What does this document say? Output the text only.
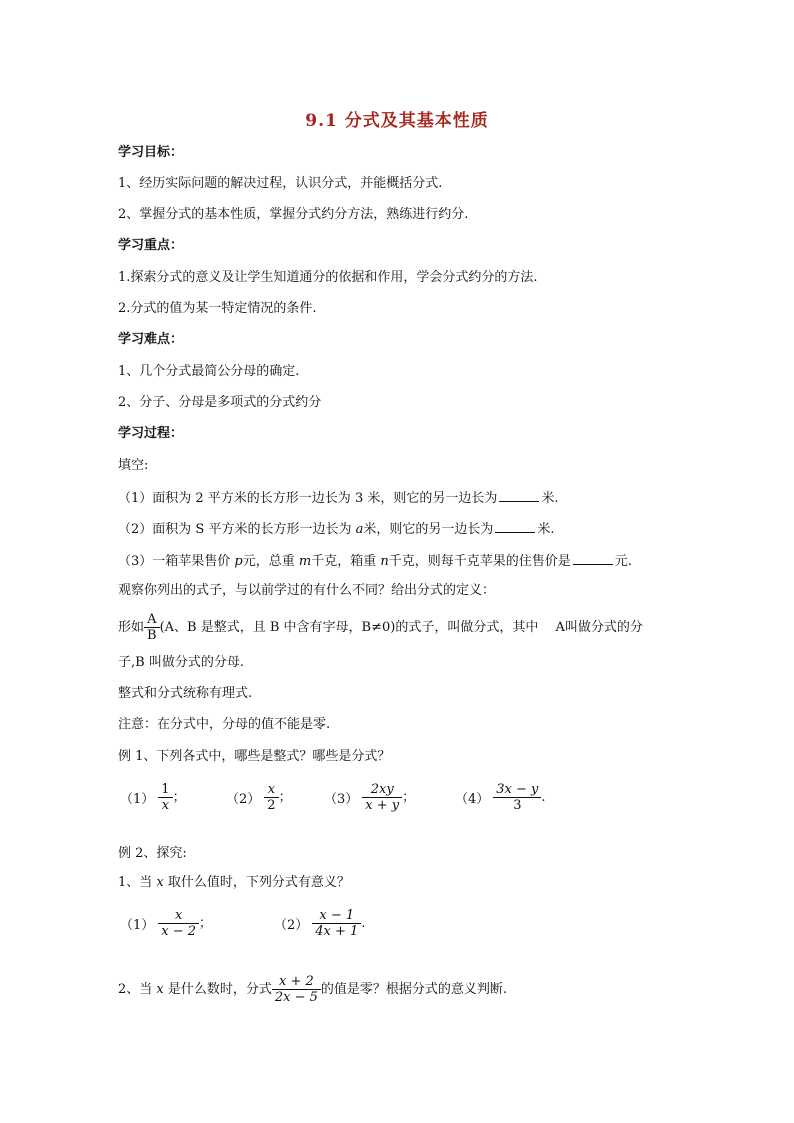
9.1 分式及其基本性质
学习目标：
1、经历实际问题的解决过程，认识分式，并能概括分式.
2、掌握分式的基本性质，掌握分式约分方法，熟练进行约分.
学习重点：
1.探索分式的意义及让学生知道通分的依据和作用，学会分式约分的方法.
2.分式的值为某一特定情况的条件.
学习难点：
1、几个分式最简公分母的确定.
2、分子、分母是多项式的分式约分
学习过程：
填空:
（1）面积为 2 平方米的长方形一边长为 3 米，则它的另一边长为	米.
（2）面积为 S 平方米的长方形一边长为 a米，则它的另一边长为	米.
（3）一箱苹果售价 p元，总重 m千克，箱重 n千克，则每千克苹果的住售价是	元.
观察你列出的式子，与以前学过的有什么不同？给出分式的定义：
形如 $\frac{A}{B} (A$、B 是整式，且 B 中含有字母，B≠0)的式子，叫做分式，其中 　A叫做分式的分
子,B 叫做分式的分母.
整式和分式统称有理式.
注意：在分式中，分母的值不能是零.
例 1、下列各式中，哪些是整式？哪些是分式？
$(1) \frac{1}{x}$ ；	$(2) \frac{x}{2}$ ； $(3) \frac{2xy}{x + y}$ ；	$(4) \frac{3x - y}{3}$ .
例 2、探究:
1、当 x 取什么值时，下列分式有意义？
$(1) \frac{x}{x - 2}$ ；	$(2) \frac{x - 1}{4x + 1}$ .
2、当 x 是什么数时，分式 $\frac{x + 2}{2x - 5}$ 的值是零？根据分式的意义判断.
